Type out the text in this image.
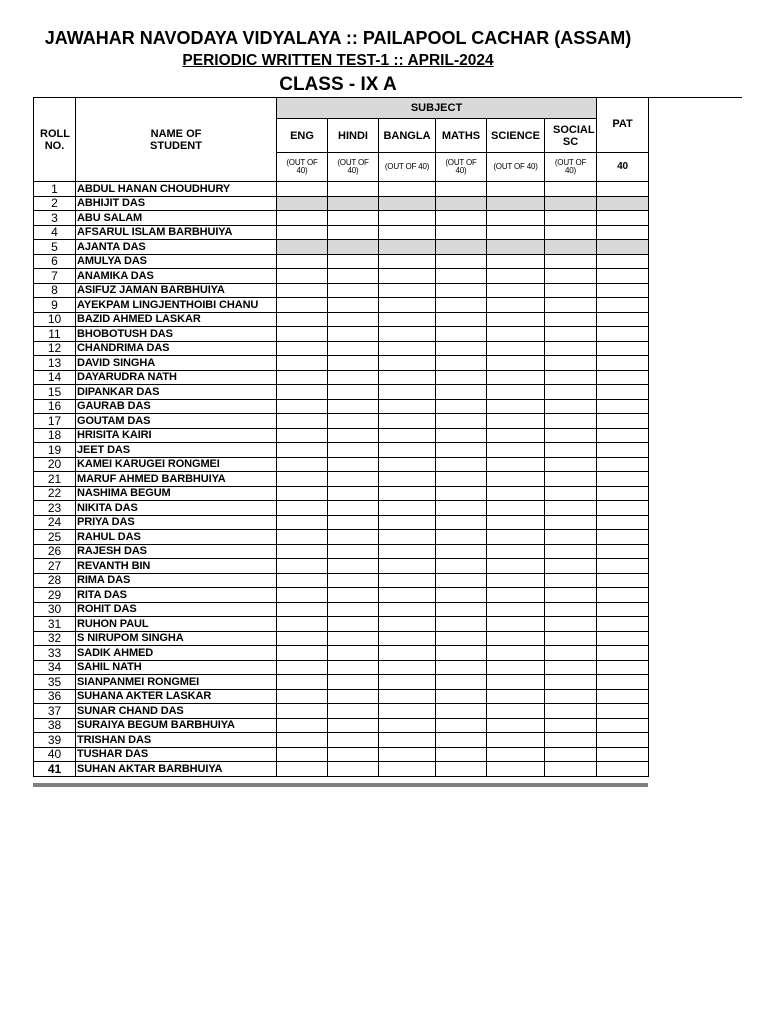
JAWAHAR NAVODAYA VIDYALAYA :: PAILAPOOL CACHAR (ASSAM)
PERIODIC WRITTEN TEST-1 :: APRIL-2024
CLASS - IX A
ROLL NO.	NAME OF STUDENT	SUBJECT						PAT
		ENG	HINDI	BANGLA	MATHS	SCIENCE	SOCIAL SC	
		(OUT OF 40)	(OUT OF 40)	(OUT OF 40)	(OUT OF 40)	(OUT OF 40)	(OUT OF 40)	40
1	ABDUL HANAN CHOUDHURY							
2	ABHIJIT DAS							
3	ABU SALAM							
4	AFSARUL ISLAM BARBHUIYA							
5	AJANTA DAS							
6	AMULYA DAS							
7	ANAMIKA DAS							
8	ASIFUZ JAMAN BARBHUIYA							
9	AYEKPAM LINGJENTHOIBI CHANU							
10	BAZID AHMED LASKAR							
11	BHOBOTUSH DAS							
12	CHANDRIMA DAS							
13	DAVID SINGHA							
14	DAYARUDRA NATH							
15	DIPANKAR DAS							
16	GAURAB DAS							
17	GOUTAM DAS							
18	HRISITA KAIRI							
19	JEET DAS							
20	KAMEI KARUGEI RONGMEI							
21	MARUF AHMED BARBHUIYA							
22	NASHIMA BEGUM							
23	NIKITA DAS							
24	PRIYA DAS							
25	RAHUL DAS							
26	RAJESH DAS							
27	REVANTH BIN							
28	RIMA DAS							
29	RITA DAS							
30	ROHIT DAS							
31	RUHON PAUL							
32	S NIRUPOM SINGHA							
33	SADIK AHMED							
34	SAHIL NATH							
35	SIANPANMEI RONGMEI							
36	SUHANA AKTER LASKAR							
37	SUNAR CHAND DAS							
38	SURAIYA BEGUM BARBHUIYA							
39	TRISHAN DAS							
40	TUSHAR DAS							
41	SUHAN AKTAR BARBHUIYA							
